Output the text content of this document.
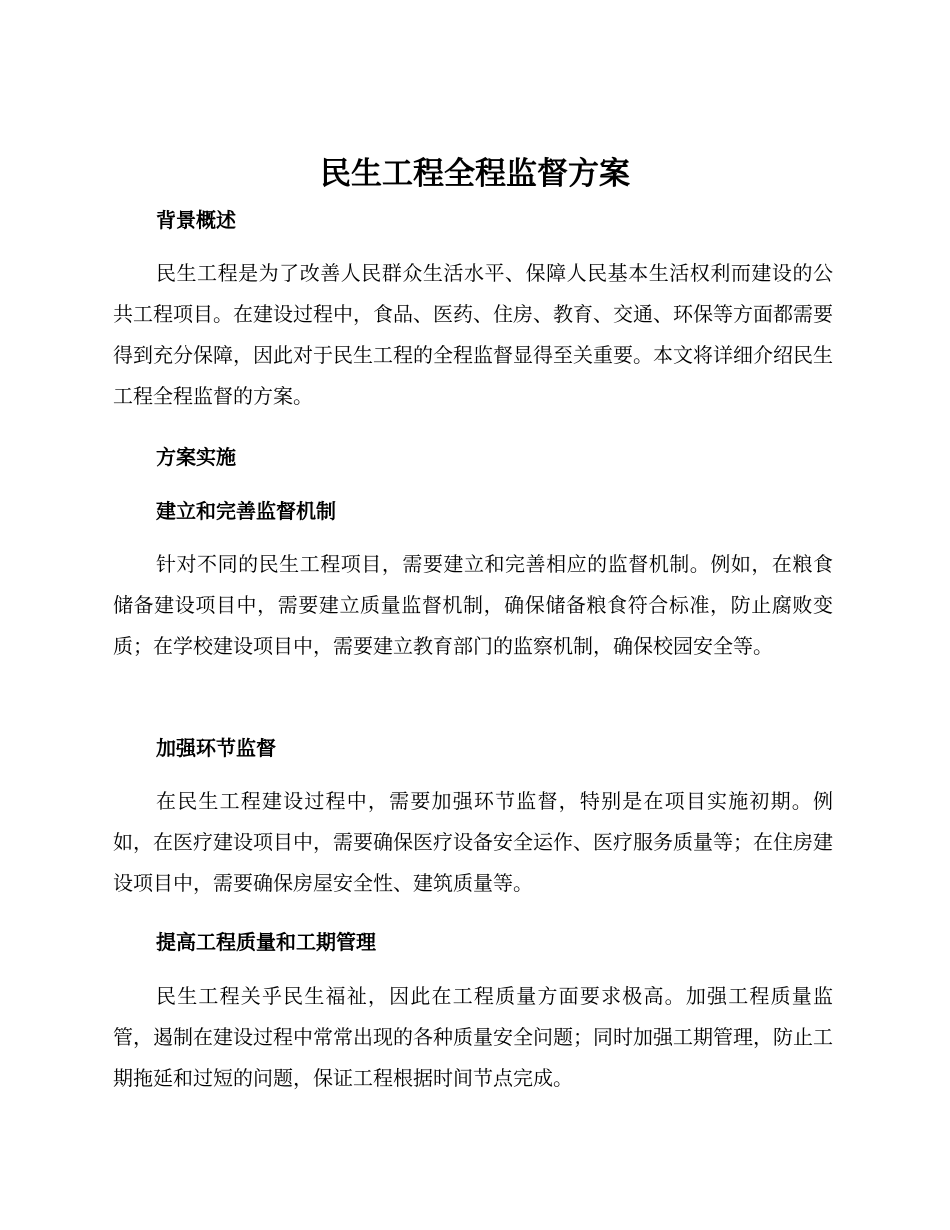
民生工程全程监督方案
背景概述

民生工程是为了改善人民群众生活水平、保障人民基本生活权利而建设的公共工程项目。在建设过程中，食品、医药、住房、教育、交通、环保等方面都需要得到充分保障，因此对于民生工程的全程监督显得至关重要。本文将详细介绍民生工程全程监督的方案。

方案实施
建立和完善监督机制

针对不同的民生工程项目，需要建立和完善相应的监督机制。例如，在粮食储备建设项目中，需要建立质量监督机制，确保储备粮食符合标准，防止腐败变质；在学校建设项目中，需要建立教育部门的监察机制，确保校园安全等。

加强环节监督

在民生工程建设过程中，需要加强环节监督，特别是在项目实施初期。例如，在医疗建设项目中，需要确保医疗设备安全运作、医疗服务质量等；在住房建设项目中，需要确保房屋安全性、建筑质量等。

提高工程质量和工期管理

民生工程关乎民生福祉，因此在工程质量方面要求极高。加强工程质量监管，遏制在建设过程中常常出现的各种质量安全问题；同时加强工期管理，防止工期拖延和过短的问题，保证工程根据时间节点完成。
